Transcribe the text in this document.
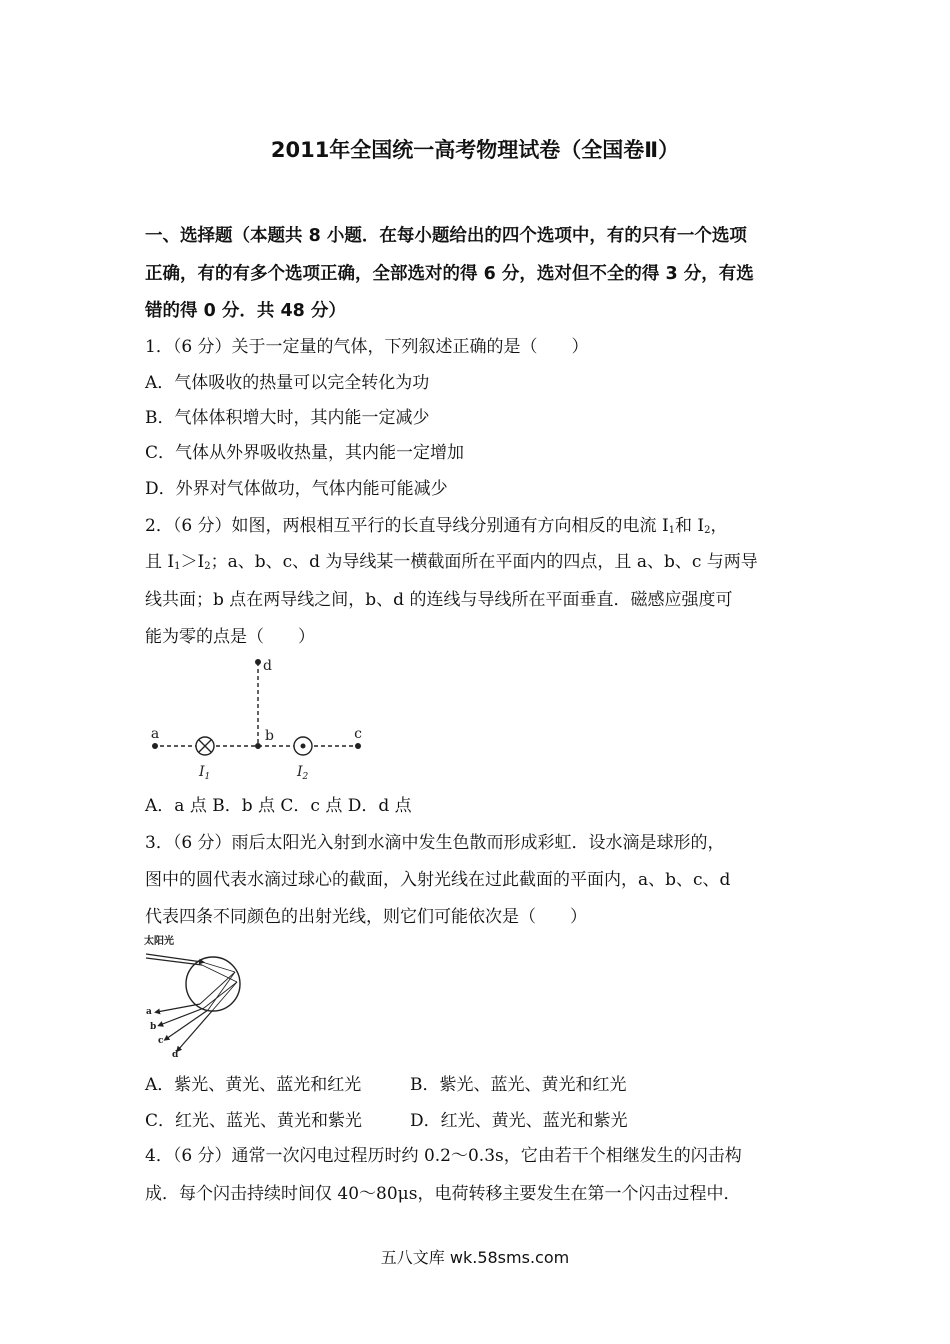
2011年全国统一高考物理试卷（全国卷Ⅱ）
一、选择题（本题共 8 小题．在每小题给出的四个选项中，有的只有一个选项
正确，有的有多个选项正确，全部选对的得 6 分，选对但不全的得 3 分，有选
错的得 0 分．共 48 分）
1．（6 分）关于一定量的气体，下列叙述正确的是（　　）
A．气体吸收的热量可以完全转化为功
B．气体体积增大时，其内能一定减少
C．气体从外界吸收热量，其内能一定增加
D．外界对气体做功，气体内能可能减少
2．（6 分）如图，两根相互平行的长直导线分别通有方向相反的电流 $I_1$和 $I_2$，
且 $I_1>I_2$；a、b、c、d 为导线某一横截面所在平面内的四点，且 a、b、c 与两导
线共面；b 点在两导线之间，b、d 的连线与导线所在平面垂直．磁感应强度可
能为零的点是（　　）
a	b	c
d
$I_1$	$I_2$
A．a 点 B．b 点 C．c 点 D．d 点
3．（6 分）雨后太阳光入射到水滴中发生色散而形成彩虹．设水滴是球形的，
图中的圆代表水滴过球心的截面，入射光线在过此截面的平面内，a、b、c、d
代表四条不同颜色的出射光线，则它们可能依次是（　　）
太阳光
a
b
c
d
A．紫光、黄光、蓝光和红光	B．紫光、蓝光、黄光和红光
C．红光、蓝光、黄光和紫光	D．红光、黄光、蓝光和紫光
4．（6 分）通常一次闪电过程历时约 0.2～0.3s，它由若干个相继发生的闪击构
成．每个闪击持续时间仅 40～80μs，电荷转移主要发生在第一个闪击过程中．
五八文库 wk.58sms.com
